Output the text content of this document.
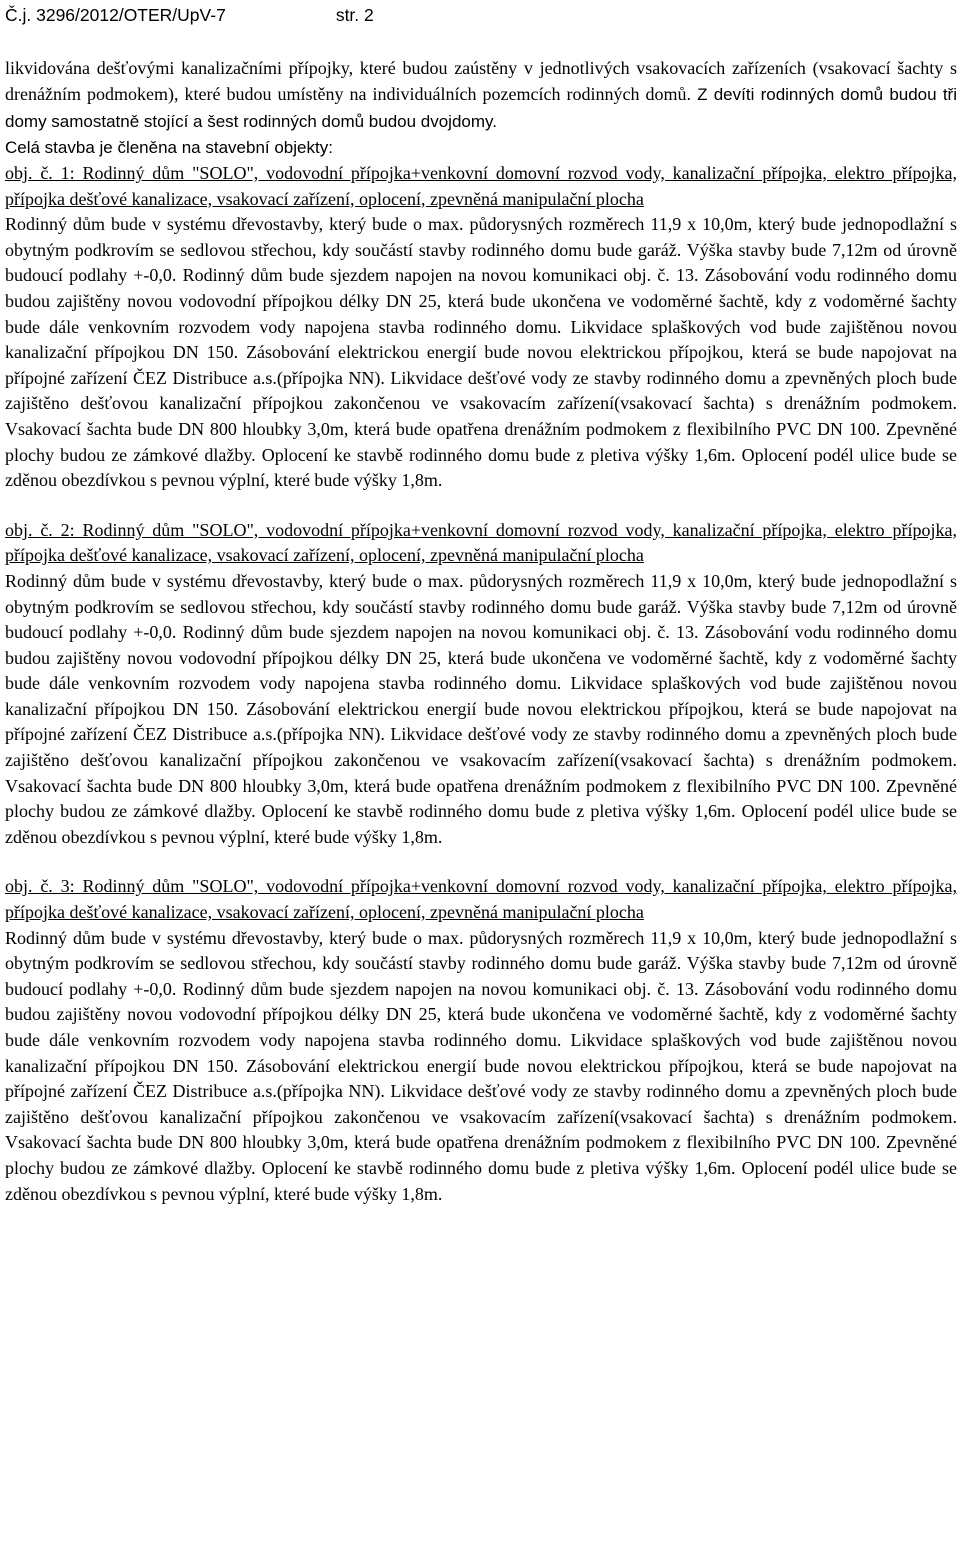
Č.j. 3296/2012/OTER/UpV-7	str. 2
likvidována dešťovými kanalizačními přípojky, které budou zaústěny v jednotlivých vsakovacích zařízeních (vsakovací šachty s drenážním podmokem), které budou umístěny na individuálních pozemcích rodinných domů. Z devíti rodinných domů budou tři domy samostatně stojící a šest rodinných domů budou dvojdomy.
Celá stavba je členěna na stavební objekty:
obj. č. 1: Rodinný dům "SOLO", vodovodní přípojka+venkovní domovní rozvod vody, kanalizační přípojka, elektro přípojka, přípojka dešťové kanalizace, vsakovací zařízení, oplocení, zpevněná manipulační plocha
Rodinný dům bude v systému dřevostavby, který bude o max. půdorysných rozměrech 11,9 x 10,0m, který bude jednopodlažní s obytným podkrovím se sedlovou střechou, kdy součástí stavby rodinného domu bude garáž. Výška stavby bude 7,12m od úrovně budoucí podlahy +-0,0. Rodinný dům bude sjezdem napojen na novou komunikaci obj. č. 13. Zásobování vodu rodinného domu budou zajištěny novou vodovodní přípojkou délky DN 25, která bude ukončena ve vodoměrné šachtě, kdy z vodoměrné šachty bude dále venkovním rozvodem vody napojena stavba rodinného domu. Likvidace splaškových vod bude zajištěnou novou kanalizační přípojkou DN 150. Zásobování elektrickou energií bude novou elektrickou přípojkou, která se bude napojovat na přípojné zařízení ČEZ Distribuce a.s.(přípojka NN). Likvidace dešťové vody ze stavby rodinného domu a zpevněných ploch bude zajištěno dešťovou kanalizační přípojkou zakončenou ve vsakovacím zařízení(vsakovací šachta) s drenážním podmokem. Vsakovací šachta bude DN 800 hloubky 3,0m, která bude opatřena drenážním podmokem z flexibilního PVC DN 100. Zpevněné plochy budou ze zámkové dlažby. Oplocení ke stavbě rodinného domu bude z pletiva výšky 1,6m. Oplocení podél ulice bude se zděnou obezdívkou s pevnou výplní, které bude výšky 1,8m.
obj. č. 2: Rodinný dům "SOLO", vodovodní přípojka+venkovní domovní rozvod vody, kanalizační přípojka, elektro přípojka, přípojka dešťové kanalizace, vsakovací zařízení, oplocení, zpevněná manipulační plocha
Rodinný dům bude v systému dřevostavby, který bude o max. půdorysných rozměrech 11,9 x 10,0m, který bude jednopodlažní s obytným podkrovím se sedlovou střechou, kdy součástí stavby rodinného domu bude garáž. Výška stavby bude 7,12m od úrovně budoucí podlahy +-0,0. Rodinný dům bude sjezdem napojen na novou komunikaci obj. č. 13. Zásobování vodu rodinného domu budou zajištěny novou vodovodní přípojkou délky DN 25, která bude ukončena ve vodoměrné šachtě, kdy z vodoměrné šachty bude dále venkovním rozvodem vody napojena stavba rodinného domu. Likvidace splaškových vod bude zajištěnou novou kanalizační přípojkou DN 150. Zásobování elektrickou energií bude novou elektrickou přípojkou, která se bude napojovat na přípojné zařízení ČEZ Distribuce a.s.(přípojka NN). Likvidace dešťové vody ze stavby rodinného domu a zpevněných ploch bude zajištěno dešťovou kanalizační přípojkou zakončenou ve vsakovacím zařízení(vsakovací šachta) s drenážním podmokem. Vsakovací šachta bude DN 800 hloubky 3,0m, která bude opatřena drenážním podmokem z flexibilního PVC DN 100. Zpevněné plochy budou ze zámkové dlažby. Oplocení ke stavbě rodinného domu bude z pletiva výšky 1,6m. Oplocení podél ulice bude se zděnou obezdívkou s pevnou výplní, které bude výšky 1,8m.
obj. č. 3: Rodinný dům "SOLO", vodovodní přípojka+venkovní domovní rozvod vody, kanalizační přípojka, elektro přípojka, přípojka dešťové kanalizace, vsakovací zařízení, oplocení, zpevněná manipulační plocha
Rodinný dům bude v systému dřevostavby, který bude o max. půdorysných rozměrech 11,9 x 10,0m, který bude jednopodlažní s obytným podkrovím se sedlovou střechou, kdy součástí stavby rodinného domu bude garáž. Výška stavby bude 7,12m od úrovně budoucí podlahy +-0,0. Rodinný dům bude sjezdem napojen na novou komunikaci obj. č. 13. Zásobování vodu rodinného domu budou zajištěny novou vodovodní přípojkou délky DN 25, která bude ukončena ve vodoměrné šachtě, kdy z vodoměrné šachty bude dále venkovním rozvodem vody napojena stavba rodinného domu. Likvidace splaškových vod bude zajištěnou novou kanalizační přípojkou DN 150. Zásobování elektrickou energií bude novou elektrickou přípojkou, která se bude napojovat na přípojné zařízení ČEZ Distribuce a.s.(přípojka NN). Likvidace dešťové vody ze stavby rodinného domu a zpevněných ploch bude zajištěno dešťovou kanalizační přípojkou zakončenou ve vsakovacím zařízení(vsakovací šachta) s drenážním podmokem. Vsakovací šachta bude DN 800 hloubky 3,0m, která bude opatřena drenážním podmokem z flexibilního PVC DN 100. Zpevněné plochy budou ze zámkové dlažby. Oplocení ke stavbě rodinného domu bude z pletiva výšky 1,6m. Oplocení podél ulice bude se zděnou obezdívkou s pevnou výplní, které bude výšky 1,8m.
